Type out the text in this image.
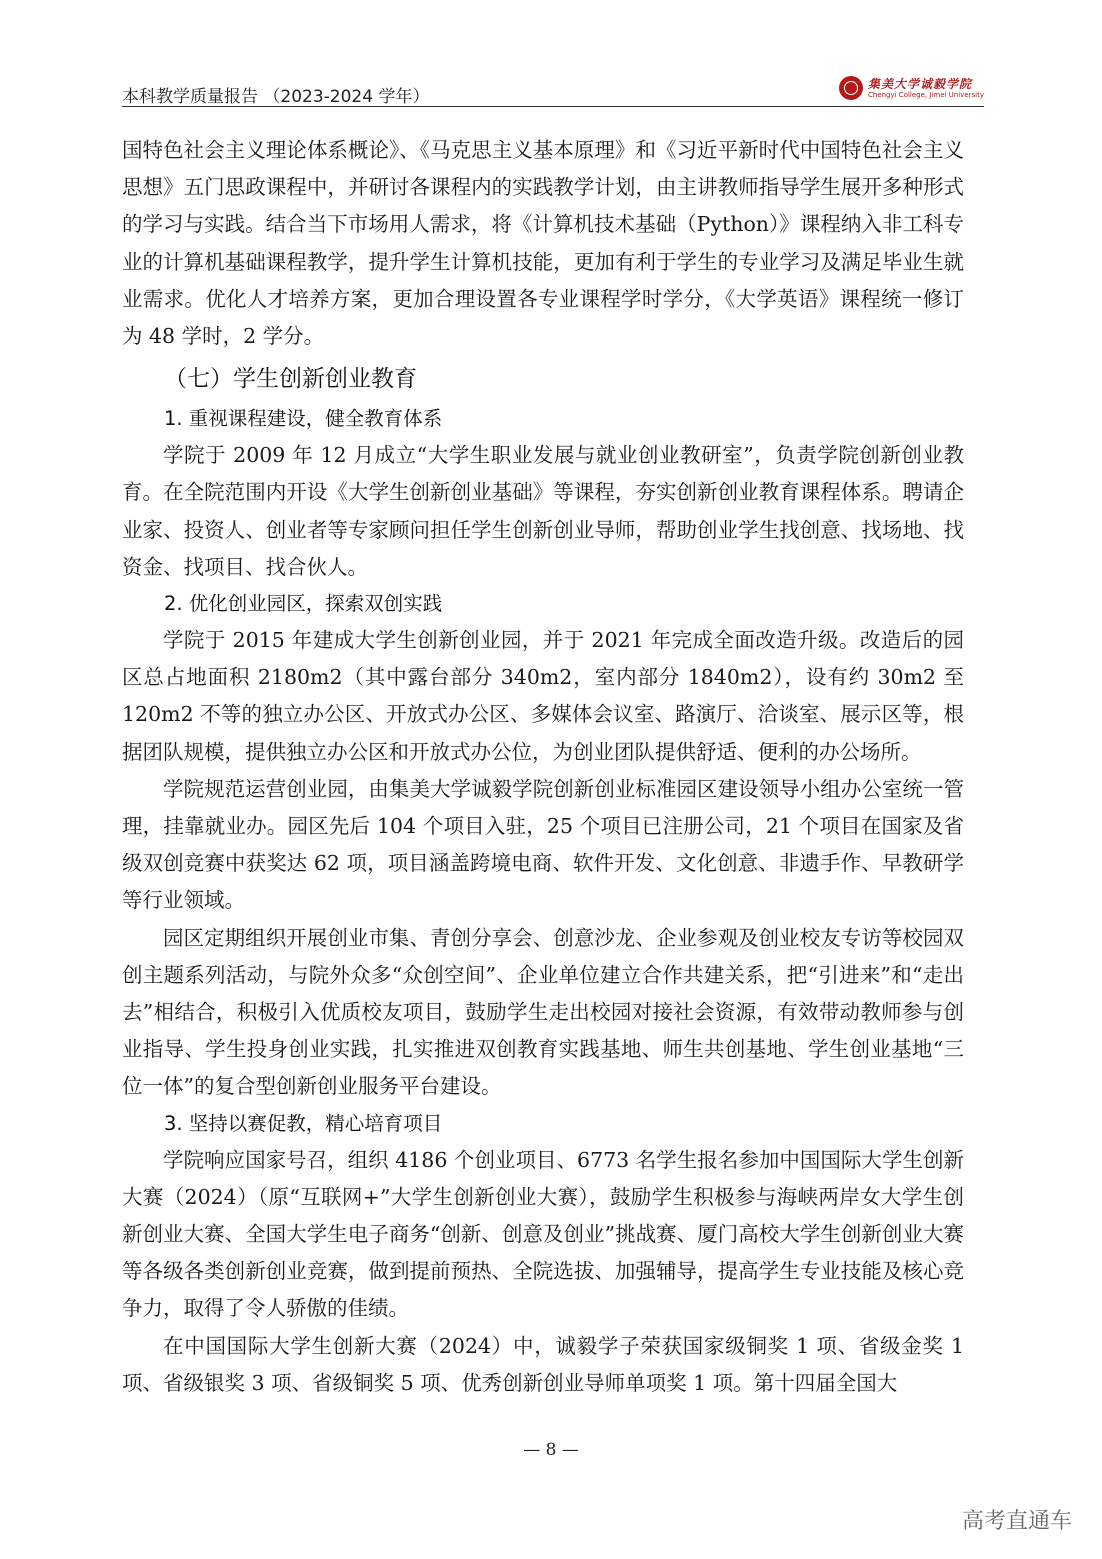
本科教学质量报告 （2023-2024 学年）
集美大学诚毅学院
Chengyi College, Jimei University

国特色社会主义理论体系概论》、《马克思主义基本原理》和《习近平新时代中国特色社会主义思想》五门思政课程中，并研讨各课程内的实践教学计划，由主讲教师指导学生展开多种形式的学习与实践。结合当下市场用人需求，将《计算机技术基础（Python）》课程纳入非工科专业的计算机基础课程教学，提升学生计算机技能，更加有利于学生的专业学习及满足毕业生就业需求。优化人才培养方案，更加合理设置各专业课程学时学分，《大学英语》课程统一修订为 48 学时，2 学分。

（七）学生创新创业教育
1. 重视课程建设，健全教育体系

学院于 2009 年 12 月成立“大学生职业发展与就业创业教研室”，负责学院创新创业教育。在全院范围内开设《大学生创新创业基础》等课程，夯实创新创业教育课程体系。聘请企业家、投资人、创业者等专家顾问担任学生创新创业导师，帮助创业学生找创意、找场地、找资金、找项目、找合伙人。

2. 优化创业园区，探索双创实践

学院于 2015 年建成大学生创新创业园，并于 2021 年完成全面改造升级。改造后的园区总占地面积 2180m2（其中露台部分 340m2，室内部分 1840m2），设有约 30m2 至 120m2 不等的独立办公区、开放式办公区、多媒体会议室、路演厅、洽谈室、展示区等，根据团队规模，提供独立办公区和开放式办公位，为创业团队提供舒适、便利的办公场所。

学院规范运营创业园，由集美大学诚毅学院创新创业标准园区建设领导小组办公室统一管理，挂靠就业办。园区先后 104 个项目入驻，25 个项目已注册公司，21 个项目在国家及省级双创竞赛中获奖达 62 项，项目涵盖跨境电商、软件开发、文化创意、非遗手作、早教研学等行业领域。

园区定期组织开展创业市集、青创分享会、创意沙龙、企业参观及创业校友专访等校园双创主题系列活动，与院外众多“众创空间”、企业单位建立合作共建关系，把“引进来”和“走出去”相结合，积极引入优质校友项目，鼓励学生走出校园对接社会资源，有效带动教师参与创业指导、学生投身创业实践，扎实推进双创教育实践基地、师生共创基地、学生创业基地“三位一体”的复合型创新创业服务平台建设。

3. 坚持以赛促教，精心培育项目

学院响应国家号召，组织 4186 个创业项目、6773 名学生报名参加中国国际大学生创新大赛（2024）（原“互联网+”大学生创新创业大赛），鼓励学生积极参与海峡两岸女大学生创新创业大赛、全国大学生电子商务“创新、创意及创业”挑战赛、厦门高校大学生创新创业大赛等各级各类创新创业竞赛，做到提前预热、全院选拔、加强辅导，提高学生专业技能及核心竞争力，取得了令人骄傲的佳绩。

在中国国际大学生创新大赛（2024）中，诚毅学子荣获国家级铜奖 1 项、省级金奖 1 项、省级银奖 3 项、省级铜奖 5 项、优秀创新创业导师单项奖 1 项。第十四届全国大

— 8 —
高考直通车
